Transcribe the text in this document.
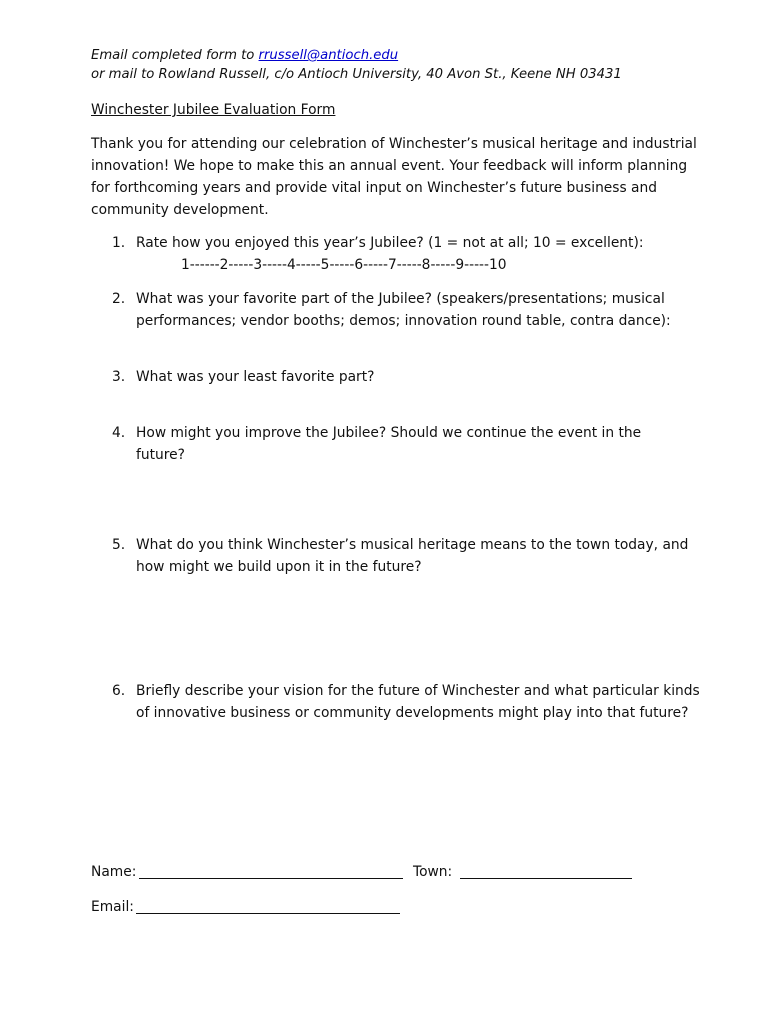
Email completed form to rrussell@antioch.edu
or mail to Rowland Russell, c/o Antioch University, 40 Avon St., Keene NH 03431
Winchester Jubilee Evaluation Form
Thank you for attending our celebration of Winchester’s musical heritage and industrial
innovation! We hope to make this an annual event. Your feedback will inform planning
for forthcoming years and provide vital input on Winchester’s future business and
community development.
1. Rate how you enjoyed this year’s Jubilee? (1 = not at all; 10 = excellent):
1------2-----3-----4-----5-----6-----7-----8-----9-----10
2. What was your favorite part of the Jubilee? (speakers/presentations; musical
performances; vendor booths; demos; innovation round table, contra dance):
3. What was your least favorite part?
4. How might you improve the Jubilee? Should we continue the event in the
future?
5. What do you think Winchester’s musical heritage means to the town today, and
how might we build upon it in the future?
6. Briefly describe your vision for the future of Winchester and what particular kinds
of innovative business or community developments might play into that future?
Name:	Town:
Email:
